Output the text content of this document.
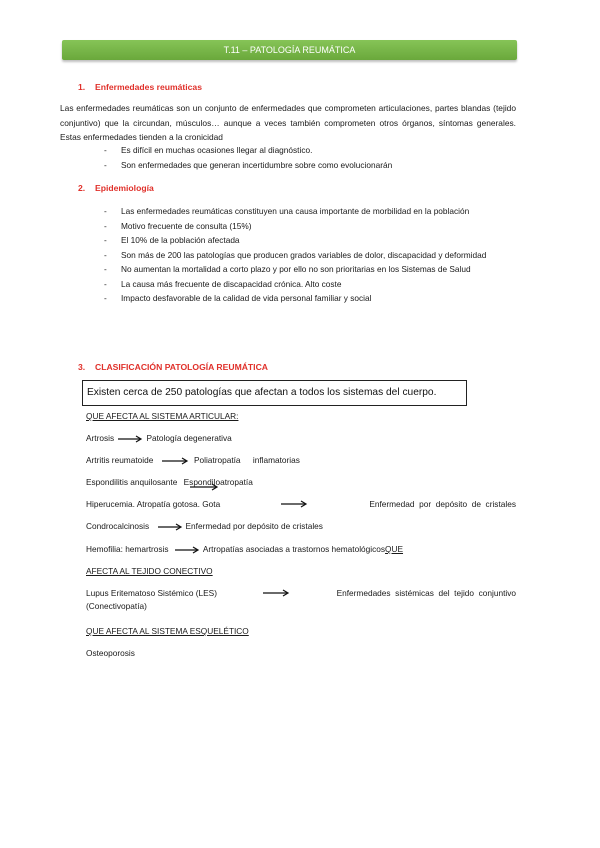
T.11 – PATOLOGÍA REUMÁTICA
1. Enfermedades reumáticas

Las enfermedades reumáticas son un conjunto de enfermedades que comprometen articulaciones, partes blandas (tejido conjuntivo) que la circundan, músculos… aunque a veces también comprometen otros órganos, síntomas generales. Estas enfermedades tienden a la cronicidad

- Es difícil en muchas ocasiones llegar al diagnóstico.
- Son enfermedades que generan incertidumbre sobre como evolucionarán
2. Epidemiología
- Las enfermedades reumáticas constituyen una causa importante de morbilidad en la población
- Motivo frecuente de consulta (15%)
- El 10% de la población afectada
- Son más de 200 las patologías que producen grados variables de dolor, discapacidad y deformidad
- No aumentan la mortalidad a corto plazo y por ello no son prioritarias en los Sistemas de Salud
- La causa más frecuente de discapacidad crónica. Alto coste
- Impacto desfavorable de la calidad de vida personal familiar y social
3. CLASIFICACIÓN PATOLOGÍA REUMÁTICA
Existen cerca de 250 patologías que afectan a todos los sistemas del cuerpo.
QUE AFECTA AL SISTEMA ARTICULAR:
Artrosis	Patología degenerativa
Artritis reumatoide	Poliatropatía inflamatorias
Espondilitis anquilosante Espondiloatropatía
Hiperucemia. Atropatía gotosa. Gota	Enfermedad  por  depósito  de  cristales
Condrocalcinosis	Enfermedad por depósito de cristales
Hemofilia: hemartrosis	Artropatías asociadas a trastornos hematológicosQUE
AFECTA AL TEJIDO CONECTIVO
Lupus Eritematoso Sistémico (LES)	Enfermedades  sistémicas  del  tejido  conjuntivo
(Conectivopatía)
QUE AFECTA AL SISTEMA ESQUELÉTICO
Osteoporosis
